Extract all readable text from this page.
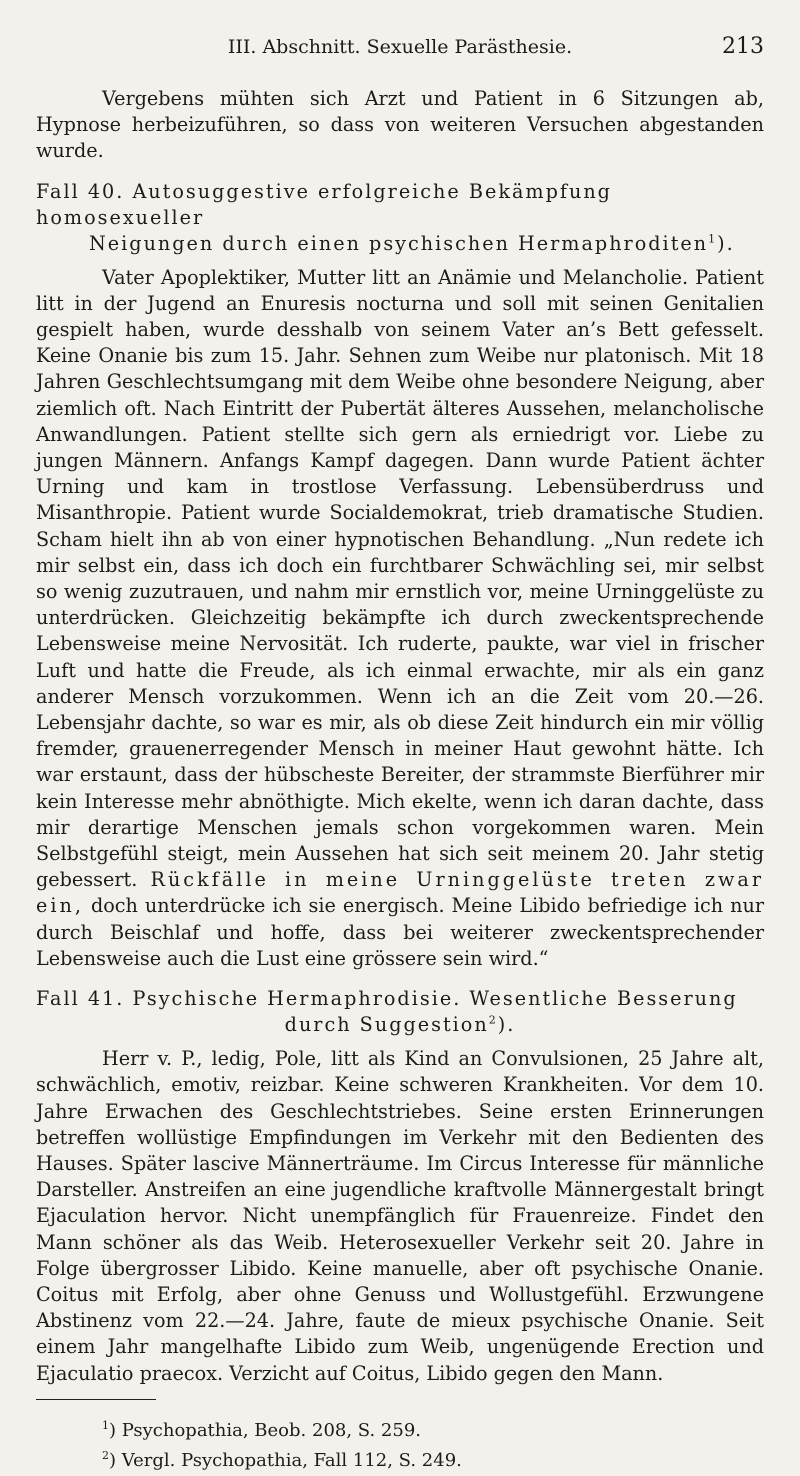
III. Abschnitt. Sexuelle Parästhesie.	213

Vergebens mühten sich Arzt und Patient in 6 Sitzungen ab, Hypnose herbeizuführen, so dass von weiteren Versuchen abgestanden wurde.

Fall 40. Autosuggestive erfolgreiche Bekämpfung homosexueller
Neigungen durch einen psychischen Hermaphroditen$^1$).

Vater Apoplektiker, Mutter litt an Anämie und Melancholie. Patient litt in der Jugend an Enuresis nocturna und soll mit seinen Genitalien gespielt haben, wurde desshalb von seinem Vater an’s Bett gefesselt. Keine Onanie bis zum 15. Jahr. Sehnen zum Weibe nur platonisch. Mit 18 Jahren Geschlechtsumgang mit dem Weibe ohne besondere Neigung, aber ziemlich oft. Nach Eintritt der Pubertät älteres Aussehen, melancholische Anwandlungen. Patient stellte sich gern als erniedrigt vor. Liebe zu jungen Männern. Anfangs Kampf dagegen. Dann wurde Patient ächter Urning und kam in trostlose Verfassung. Lebensüberdruss und Misanthropie. Patient wurde Socialdemokrat, trieb dramatische Studien. Scham hielt ihn ab von einer hypnotischen Behandlung. „Nun redete ich mir selbst ein, dass ich doch ein furchtbarer Schwächling sei, mir selbst so wenig zuzutrauen, und nahm mir ernstlich vor, meine Urninggelüste zu unterdrücken. Gleichzeitig bekämpfte ich durch zweckentsprechende Lebensweise meine Nervosität. Ich ruderte, paukte, war viel in frischer Luft und hatte die Freude, als ich einmal erwachte, mir als ein ganz anderer Mensch vorzukommen. Wenn ich an die Zeit vom 20.—26. Lebensjahr dachte, so war es mir, als ob diese Zeit hindurch ein mir völlig fremder, grauenerregender Mensch in meiner Haut gewohnt hätte. Ich war erstaunt, dass der hübscheste Bereiter, der strammste Bierführer mir kein Interesse mehr abnöthigte. Mich ekelte, wenn ich daran dachte, dass mir derartige Menschen jemals schon vorgekommen waren. Mein Selbstgefühl steigt, mein Aussehen hat sich seit meinem 20. Jahr stetig gebessert. Rückfälle in meine Urninggelüste treten zwar ein, doch unterdrücke ich sie energisch. Meine Libido befriedige ich nur durch Beischlaf und hoffe, dass bei weiterer zweckentsprechender Lebensweise auch die Lust eine grössere sein wird.“

Fall 41. Psychische Hermaphrodisie. Wesentliche Besserung
durch Suggestion$^2$).

Herr v. P., ledig, Pole, litt als Kind an Convulsionen, 25 Jahre alt, schwächlich, emotiv, reizbar. Keine schweren Krankheiten. Vor dem 10. Jahre Erwachen des Geschlechtstriebes. Seine ersten Erinnerungen betreffen wollüstige Empfindungen im Verkehr mit den Bedienten des Hauses. Später lascive Männerträume. Im Circus Interesse für männliche Darsteller. Anstreifen an eine jugendliche kraftvolle Männergestalt bringt Ejaculation hervor. Nicht unempfänglich für Frauenreize. Findet den Mann schöner als das Weib. Heterosexueller Verkehr seit 20. Jahre in Folge übergrosser Libido. Keine manuelle, aber oft psychische Onanie. Coitus mit Erfolg, aber ohne Genuss und Wollustgefühl. Erzwungene Abstinenz vom 22.—24. Jahre, faute de mieux psychische Onanie. Seit einem Jahr mangelhafte Libido zum Weib, ungenügende Erection und Ejaculatio praecox. Verzicht auf Coitus, Libido gegen den Mann.

$^1$) Psychopathia, Beob. 208, S. 259.
$^2$) Vergl. Psychopathia, Fall 112, S. 249.
